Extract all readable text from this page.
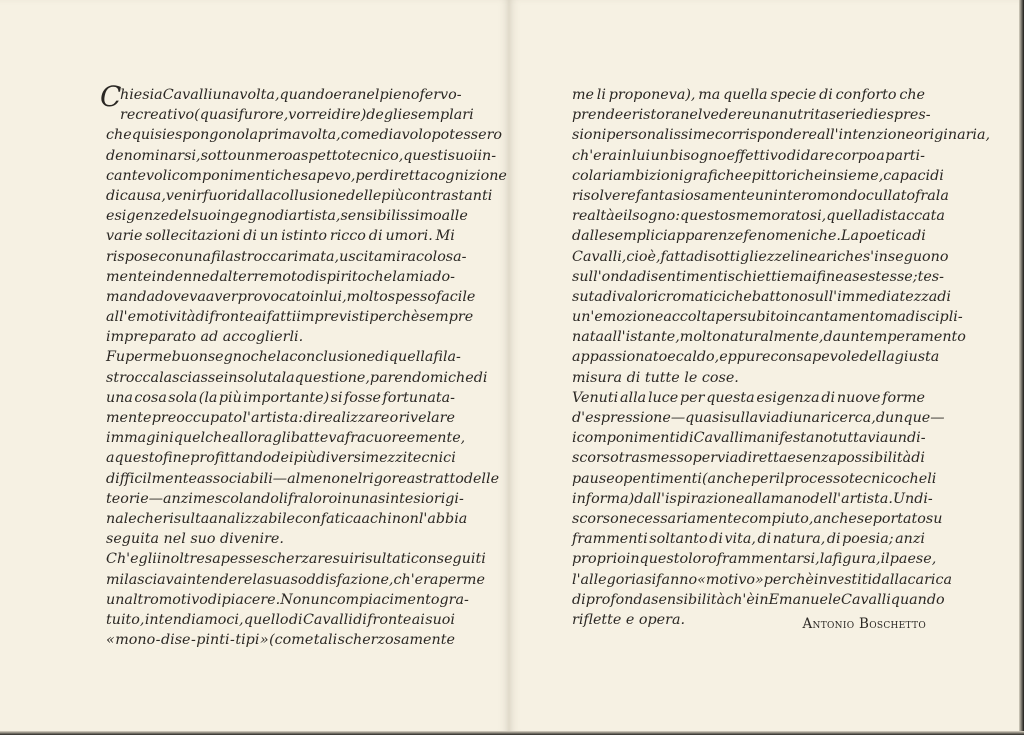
C
hiesi a Cavalli una volta, quando era nel pieno fervo-
re creativo (quasi furore, vorrei dire) degli esemplari
che qui si espongono la prima volta, come diavolo potessero
denominarsi, sotto un mero aspetto tecnico, questi suoi in-
cantevoli componimenti che sapevo, per diretta cognizione
di causa, venir fuori dalla collusione delle più contrastanti
esigenze del suo ingegno di artista, sensibilissimo alle
varie sollecitazioni di un istinto ricco di umori. Mi
rispose con una filastrocca rimata, uscita miracolosa-
mente indenne dal terremoto di spirito che la mia do-
manda doveva aver provocato in lui, molto spesso facile
all'emotività di fronte ai fatti imprevisti perchè sempre
impreparato ad accoglierli.
Fu per me buon segno che la conclusione di quella fila-
strocca lasciasse insoluta la questione, parendomi che di
una cosa sola (la più importante) si fosse fortunata-
mente preoccupato l'artista: di realizzare o rivelare
immagini quel che allora gli batteva fra cuore e mente,
a questo fine profittando dei più diversi mezzi tecnici
difficilmente associabili — almeno nel rigore astratto delle
teorie — anzi mescolandoli fra loro in una sintesi origi-
nale che risulta analizzabile con fatica a chi non l'abbia
seguita nel suo divenire.
Ch'egli inoltre sapesse scherzare sui risultati conseguiti
mi lasciava intendere la sua soddisfazione, ch'era per me
un altro motivo di piacere. Non un compiacimento gra-
tuito, intendiamoci, quello di Cavalli di fronte ai suoi
« mono - dise - pinti - tipi » (come tali scherzosamente
me li proponeva), ma quella specie di conforto che
prende e ristora nel vedere una nutrita serie di espres-
sioni personalissime corrispondere all'intenzione originaria,
ch'era in lui un bisogno effettivo di dare corpo a parti-
colari ambizioni grafiche e pittoriche insieme, capaci di
risolvere fantasiosamente un intero mondo cullato fra la
realtà e il sogno: questo smemoratosi, quella distaccata
dalle semplici apparenze fenomeniche. La poetica di
Cavalli, cioè, fatta di sottigliezze lineari che s'inseguono
sull'onda di sentimenti schietti e mai fine a se stesse; tes-
suta di valori cromatici che battono sull'immediatezza di
un'emozione accolta per subito incantamento ma discipli-
nata all'istante, molto naturalmente, da un temperamento
appassionato e caldo, eppure consapevole della giusta
misura di tutte le cose.
Venuti alla luce per questa esigenza di nuove forme
d'espressione — quasi sulla via di una ricerca, dunque —
i componimenti di Cavalli manifestano tuttavia un di-
scorso trasmesso per via diretta e senza possibilità di
pause o pentimenti (anche per il processo tecnico che li
informa) dall'ispirazione alla mano dell'artista. Un di-
scorso necessariamente compiuto, anche se portato su
frammenti soltanto di vita, di natura, di poesia; anzi
proprio in questo loro frammentarsi, la figura, il paese,
l'allegoria si fanno « motivo » perchè investiti dalla carica
di profonda sensibilità ch'è in Emanuele Cavalli quando
riflette e opera.	Antonio Boschetto
